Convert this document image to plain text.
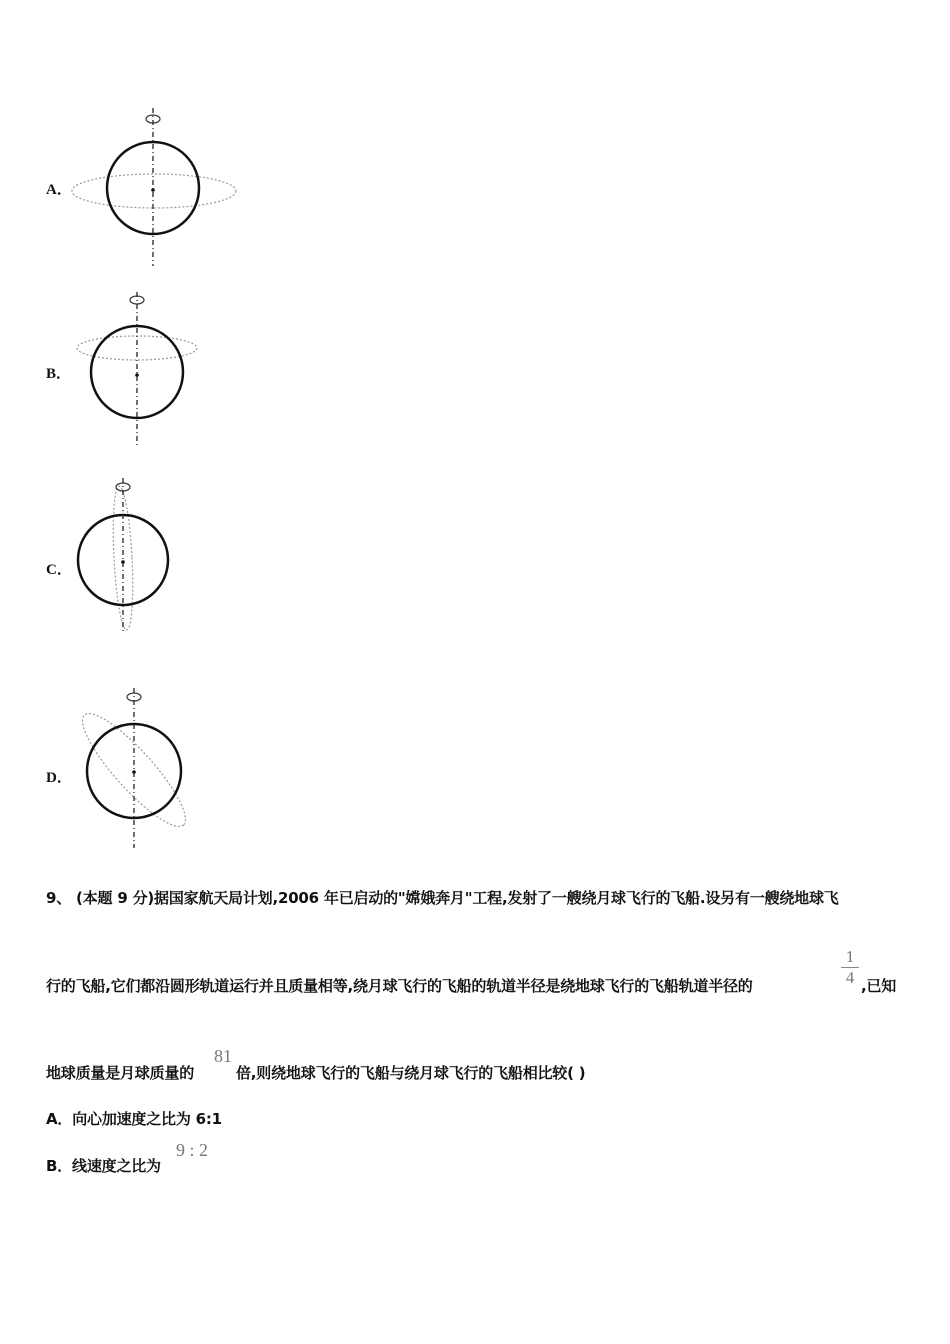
A．
B．
C．
D．
9、 (本题 9 分)据国家航天局计划,2006 年已启动的"嫦娥奔月"工程,发射了一艘绕月球飞行的飞船.设另有一艘绕地球飞
行的飞船,它们都沿圆形轨道运行并且质量相等,绕月球飞行的飞船的轨道半径是绕地球飞行的飞船轨道半径的
1
4 ,已知
地球质量是月球质量的
81
倍,则绕地球飞行的飞船与绕月球飞行的飞船相比较( )
A．向心加速度之比为 6:1
B．线速度之比为
9 : 2
